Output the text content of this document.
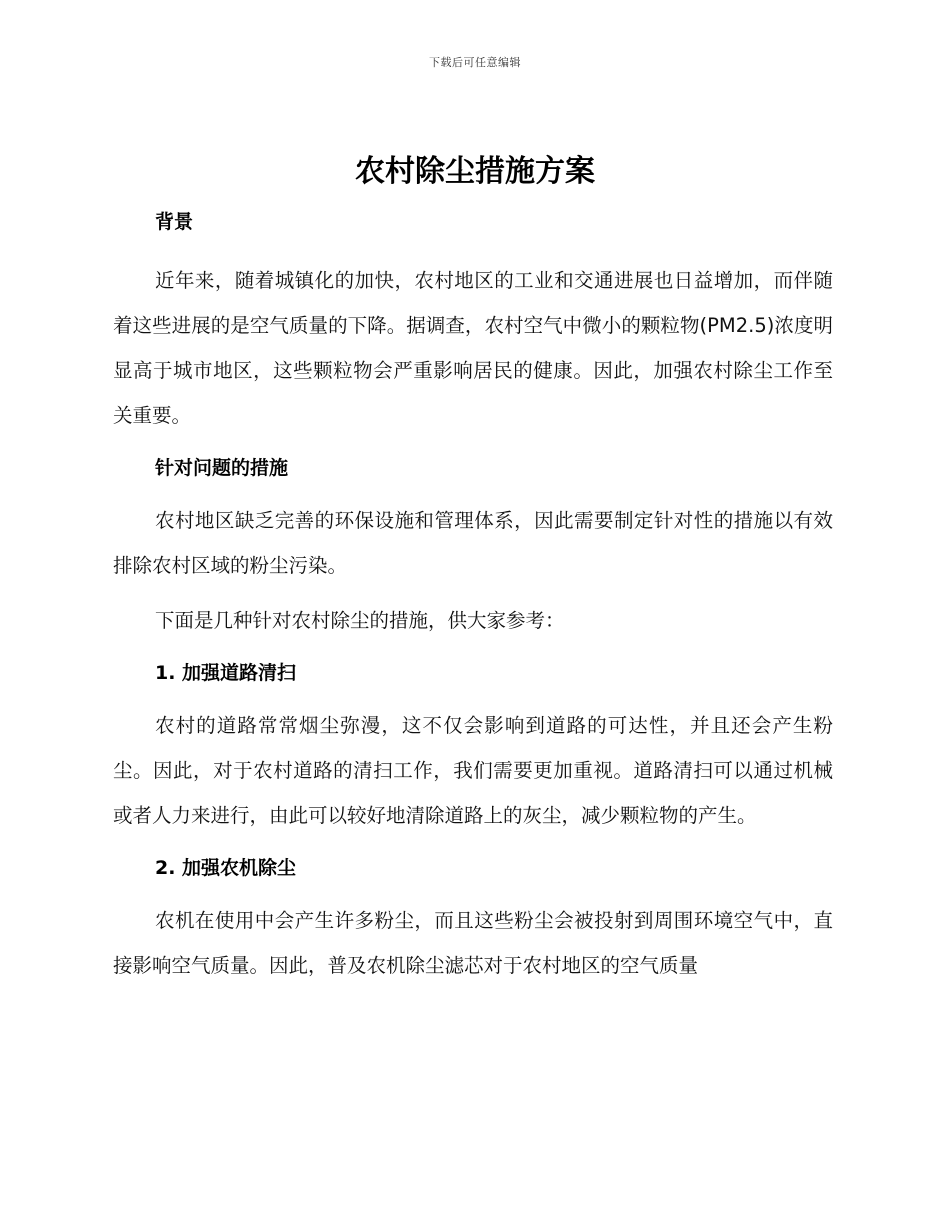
下载后可任意编辑
农村除尘措施方案
背景

近年来，随着城镇化的加快，农村地区的工业和交通进展也日益增加，而伴随着这些进展的是空气质量的下降。据调查，农村空气中微小的颗粒物(PM2.5)浓度明显高于城市地区，这些颗粒物会严重影响居民的健康。因此，加强农村除尘工作至关重要。

针对问题的措施

农村地区缺乏完善的环保设施和管理体系，因此需要制定针对性的措施以有效排除农村区域的粉尘污染。

下面是几种针对农村除尘的措施，供大家参考：

1. 加强道路清扫

农村的道路常常烟尘弥漫，这不仅会影响到道路的可达性，并且还会产生粉尘。因此，对于农村道路的清扫工作，我们需要更加重视。道路清扫可以通过机械或者人力来进行，由此可以较好地清除道路上的灰尘，减少颗粒物的产生。

2. 加强农机除尘

农机在使用中会产生许多粉尘，而且这些粉尘会被投射到周围环境空气中，直接影响空气质量。因此，普及农机除尘滤芯对于农村地区的空气质量
